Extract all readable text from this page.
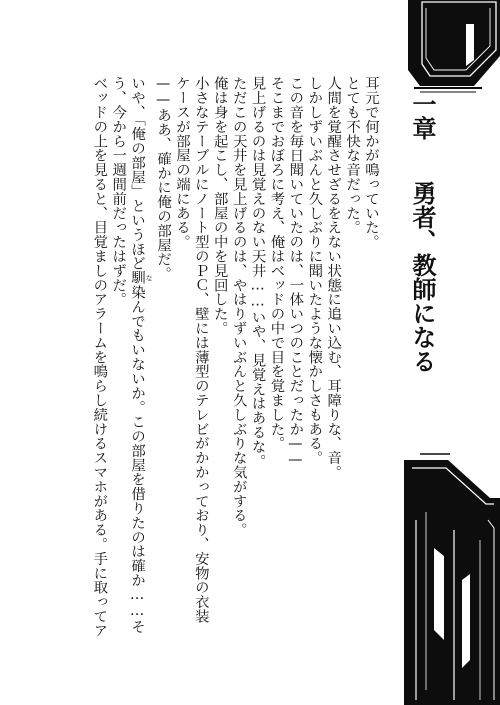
一章 勇者、教師になる
耳元で何かが鳴っていた。
とても不快な音だった。
人間を覚醒させざるをえない状態に追い込む、耳障りな、音。
しかしずいぶんと久しぶりに聞いたような懐かしさもある。
この音を毎日聞いていたのは、一体いつのことだったか——
そこまでおぼろに考え、俺はベッドの中で目を覚ました。
見上げるのは見覚えのない天井……いや、見覚えはあるな。
ただこの天井を見上げるのは、やはりずいぶんと久しぶりな気がする。
俺は身を起こし、部屋の中を見回した。
小さなテーブルにノート型のＰＣ、壁には薄型のテレビがかかっており、安物の衣装
ケースが部屋の端にある。
——ああ、確かに俺の部屋だ。
いや、「俺の部屋」というほど馴 な染んでもいないか。この部屋を借りたのは確か……そ
う、今から一週間前だったはずだ。
ベッドの上を見ると、目覚ましのアラームを鳴らし続けるスマホがある。手に取ってア
